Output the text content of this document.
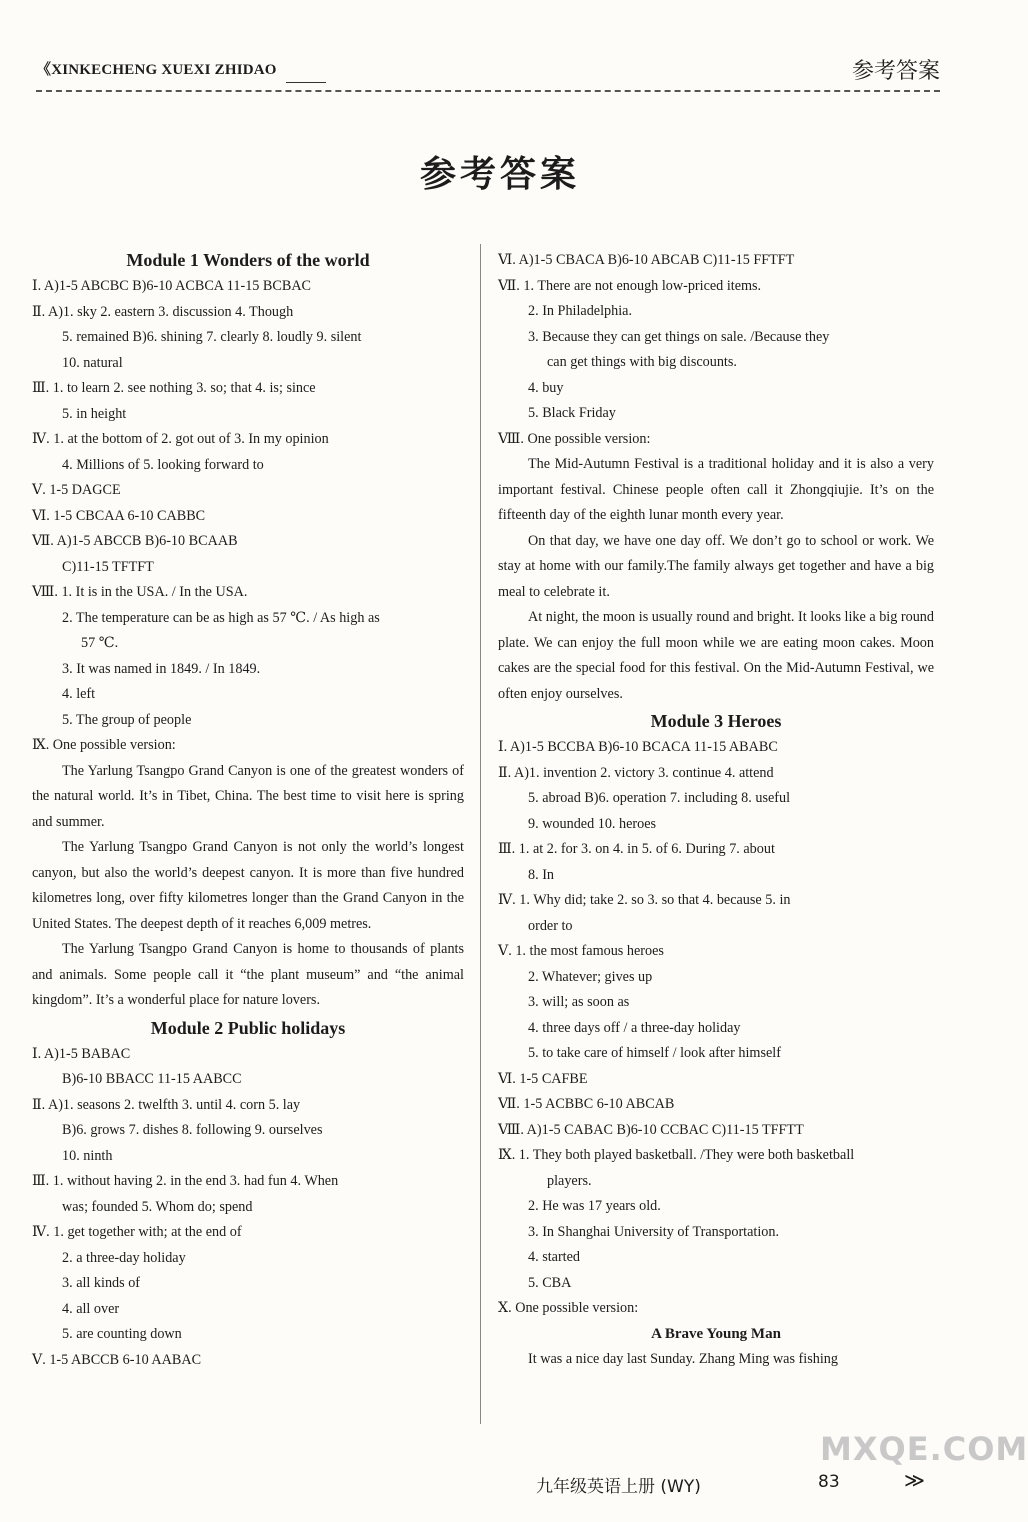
《XINKECHENG XUEXI ZHIDAO	参考答案
参考答案
Module 1 Wonders of the world
Ⅰ. A)1-5 ABCBC B)6-10 ACBCA 11-15 BCBAC
Ⅱ. A)1. sky 2. eastern 3. discussion 4. Though
5. remained B)6. shining 7. clearly 8. loudly 9. silent
10. natural
Ⅲ. 1. to learn 2. see nothing 3. so; that 4. is; since
5. in height
Ⅳ. 1. at the bottom of 2. got out of 3. In my opinion
4. Millions of 5. looking forward to
Ⅴ. 1-5 DAGCE
Ⅵ. 1-5 CBCAA 6-10 CABBC
Ⅶ. A)1-5 ABCCB B)6-10 BCAAB
C)11-15 TFTFT
Ⅷ. 1. It is in the USA. / In the USA.
2. The temperature can be as high as 57 ℃. / As high as
57 ℃.
3. It was named in 1849. / In 1849.
4. left
5. The group of people
Ⅸ. One possible version:
The Yarlung Tsangpo Grand Canyon is one of the greatest wonders of the natural world. It’s in Tibet, China. The best time to visit here is spring and summer.
The Yarlung Tsangpo Grand Canyon is not only the world’s longest canyon, but also the world’s deepest canyon. It is more than five hundred kilometres long, over fifty kilometres longer than the Grand Canyon in the United States. The deepest depth of it reaches 6,009 metres.
The Yarlung Tsangpo Grand Canyon is home to thousands of plants and animals. Some people call it “the plant museum” and “the animal kingdom”. It’s a wonderful place for nature lovers.
Module 2 Public holidays
Ⅰ. A)1-5 BABAC
B)6-10 BBACC 11-15 AABCC
Ⅱ. A)1. seasons 2. twelfth 3. until 4. corn 5. lay
B)6. grows 7. dishes 8. following 9. ourselves
10. ninth
Ⅲ. 1. without having 2. in the end 3. had fun 4. When
was; founded 5. Whom do; spend
Ⅳ. 1. get together with; at the end of
2. a three-day holiday
3. all kinds of
4. all over
5. are counting down
Ⅴ. 1-5 ABCCB 6-10 AABAC
Ⅵ. A)1-5 CBACA B)6-10 ABCAB C)11-15 FFTFT
Ⅶ. 1. There are not enough low-priced items.
2. In Philadelphia.
3. Because they can get things on sale. /Because they
can get things with big discounts.
4. buy
5. Black Friday
Ⅷ. One possible version:
The Mid-Autumn Festival is a traditional holiday and it is also a very important festival. Chinese people often call it Zhongqiujie. It’s on the fifteenth day of the eighth lunar month every year.
On that day, we have one day off. We don’t go to school or work. We stay at home with our family.The family always get together and have a big meal to celebrate it.
At night, the moon is usually round and bright. It looks like a big round plate. We can enjoy the full moon while we are eating moon cakes. Moon cakes are the special food for this festival. On the Mid-Autumn Festival, we often enjoy ourselves.
Module 3 Heroes
Ⅰ. A)1-5 BCCBA B)6-10 BCACA 11-15 ABABC
Ⅱ. A)1. invention 2. victory 3. continue 4. attend
5. abroad B)6. operation 7. including 8. useful
9. wounded 10. heroes
Ⅲ. 1. at 2. for 3. on 4. in 5. of 6. During 7. about
8. In
Ⅳ. 1. Why did; take 2. so 3. so that 4. because 5. in
order to
Ⅴ. 1. the most famous heroes
2. Whatever; gives up
3. will; as soon as
4. three days off / a three-day holiday
5. to take care of himself / look after himself
Ⅵ. 1-5 CAFBE
Ⅶ. 1-5 ACBBC 6-10 ABCAB
Ⅷ. A)1-5 CABAC B)6-10 CCBAC C)11-15 TFFTT
Ⅸ. 1. They both played basketball. /They were both basketball
players.
2. He was 17 years old.
3. In Shanghai University of Transportation.
4. started
5. CBA
Ⅹ. One possible version:
A Brave Young Man
It was a nice day last Sunday. Zhang Ming was fishing
MXQE.COM
九年级英语上册 (WY)	83	≫
